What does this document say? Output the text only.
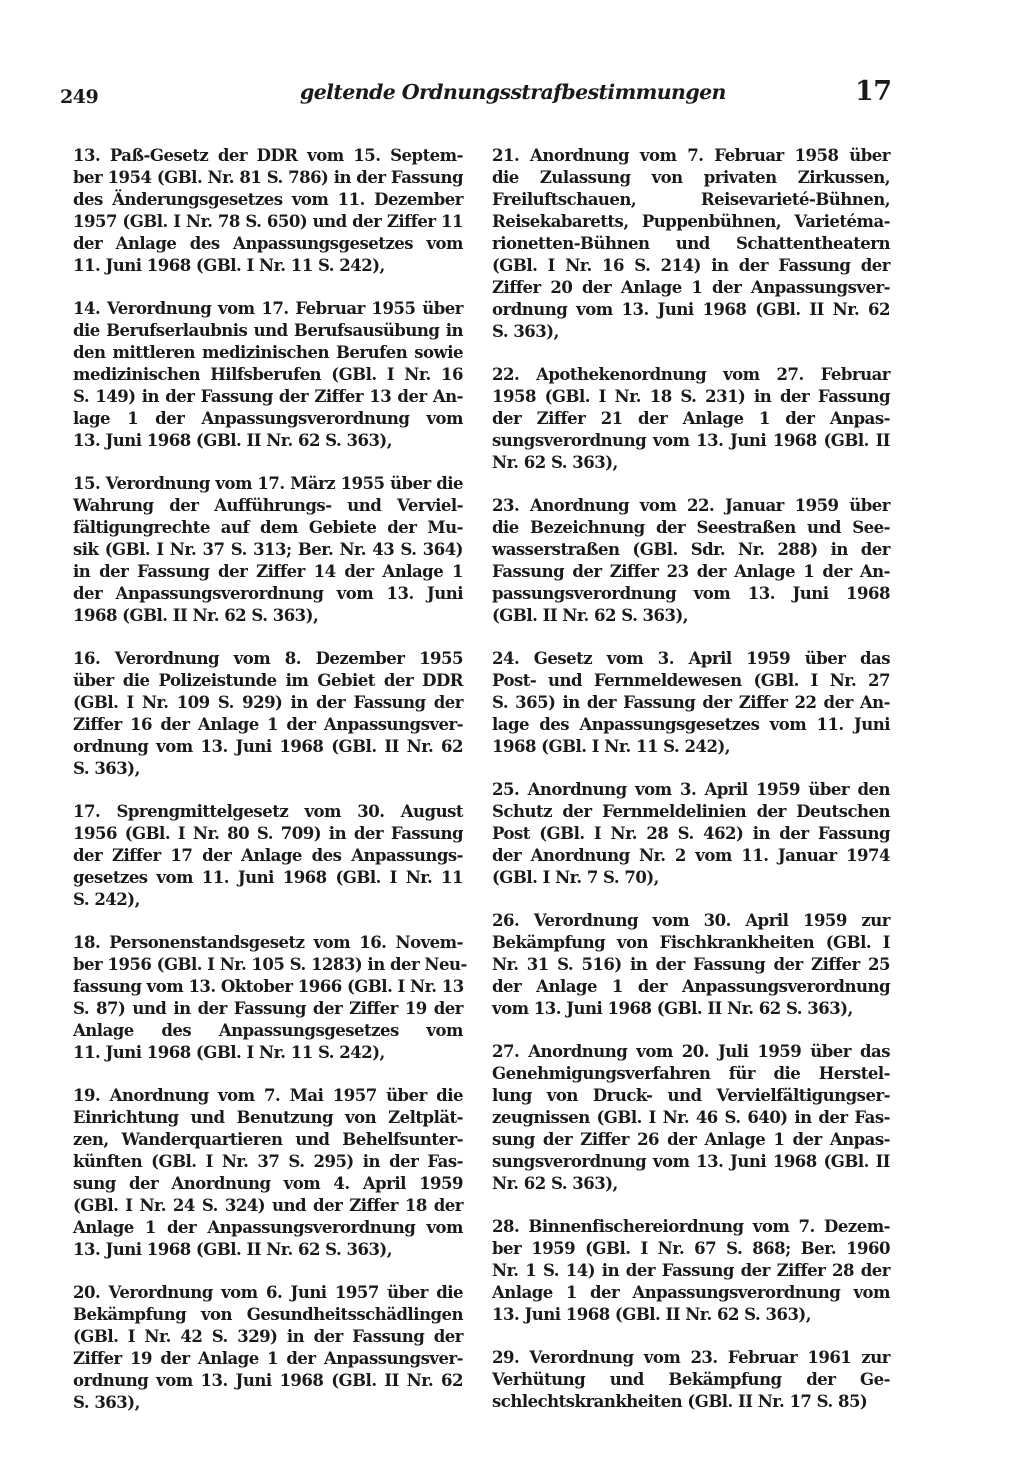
249	geltende Ordnungsstrafbestimmungen	17
13. Paß-Gesetz der DDR vom 15. Septem-
ber 1954 (GBl. Nr. 81 S. 786) in der Fassung
des Änderungsgesetzes vom 11. Dezember
1957 (GBl. I Nr. 78 S. 650) und der Ziffer 11
der Anlage des Anpassungsgesetzes vom
11. Juni 1968 (GBl. I Nr. 11 S. 242),
14. Verordnung vom 17. Februar 1955 über
die Berufserlaubnis und Berufsausübung in
den mittleren medizinischen Berufen sowie
medizinischen Hilfsberufen (GBl. I Nr. 16
S. 149) in der Fassung der Ziffer 13 der An-
lage 1 der Anpassungsverordnung vom
13. Juni 1968 (GBl. II Nr. 62 S. 363),
15. Verordnung vom 17. März 1955 über die
Wahrung der Aufführungs- und Verviel-
fältigungrechte auf dem Gebiete der Mu-
sik (GBl. I Nr. 37 S. 313; Ber. Nr. 43 S. 364)
in der Fassung der Ziffer 14 der Anlage 1
der Anpassungsverordnung vom 13. Juni
1968 (GBl. II Nr. 62 S. 363),
16. Verordnung vom 8. Dezember 1955
über die Polizeistunde im Gebiet der DDR
(GBl. I Nr. 109 S. 929) in der Fassung der
Ziffer 16 der Anlage 1 der Anpassungsver-
ordnung vom 13. Juni 1968 (GBl. II Nr. 62
S. 363),
17. Sprengmittelgesetz vom 30. August
1956 (GBl. I Nr. 80 S. 709) in der Fassung
der Ziffer 17 der Anlage des Anpassungs-
gesetzes vom 11. Juni 1968 (GBl. I Nr. 11
S. 242),
18. Personenstandsgesetz vom 16. Novem-
ber 1956 (GBl. I Nr. 105 S. 1283) in der Neu-
fassung vom 13. Oktober 1966 (GBl. I Nr. 13
S. 87) und in der Fassung der Ziffer 19 der
Anlage des Anpassungsgesetzes vom
11. Juni 1968 (GBl. I Nr. 11 S. 242),
19. Anordnung vom 7. Mai 1957 über die
Einrichtung und Benutzung von Zeltplät-
zen, Wanderquartieren und Behelfsunter-
künften (GBl. I Nr. 37 S. 295) in der Fas-
sung der Anordnung vom 4. April 1959
(GBl. I Nr. 24 S. 324) und der Ziffer 18 der
Anlage 1 der Anpassungsverordnung vom
13. Juni 1968 (GBl. II Nr. 62 S. 363),
20. Verordnung vom 6. Juni 1957 über die
Bekämpfung von Gesundheitsschädlingen
(GBl. I Nr. 42 S. 329) in der Fassung der
Ziffer 19 der Anlage 1 der Anpassungsver-
ordnung vom 13. Juni 1968 (GBl. II Nr. 62
S. 363),
21. Anordnung vom 7. Februar 1958 über
die Zulassung von privaten Zirkussen,
Freiluftschauen, Reisevarieté-Bühnen,
Reisekabaretts, Puppenbühnen, Varietéma-
rionetten-Bühnen und Schattentheatern
(GBl. I Nr. 16 S. 214) in der Fassung der
Ziffer 20 der Anlage 1 der Anpassungsver-
ordnung vom 13. Juni 1968 (GBl. II Nr. 62
S. 363),
22. Apothekenordnung vom 27. Februar
1958 (GBl. I Nr. 18 S. 231) in der Fassung
der Ziffer 21 der Anlage 1 der Anpas-
sungsverordnung vom 13. Juni 1968 (GBl. II
Nr. 62 S. 363),
23. Anordnung vom 22. Januar 1959 über
die Bezeichnung der Seestraßen und See-
wasserstraßen (GBl. Sdr. Nr. 288) in der
Fassung der Ziffer 23 der Anlage 1 der An-
passungsverordnung vom 13. Juni 1968
(GBl. II Nr. 62 S. 363),
24. Gesetz vom 3. April 1959 über das
Post- und Fernmeldewesen (GBl. I Nr. 27
S. 365) in der Fassung der Ziffer 22 der An-
lage des Anpassungsgesetzes vom 11. Juni
1968 (GBl. I Nr. 11 S. 242),
25. Anordnung vom 3. April 1959 über den
Schutz der Fernmeldelinien der Deutschen
Post (GBl. I Nr. 28 S. 462) in der Fassung
der Anordnung Nr. 2 vom 11. Januar 1974
(GBl. I Nr. 7 S. 70),
26. Verordnung vom 30. April 1959 zur
Bekämpfung von Fischkrankheiten (GBl. I
Nr. 31 S. 516) in der Fassung der Ziffer 25
der Anlage 1 der Anpassungsverordnung
vom 13. Juni 1968 (GBl. II Nr. 62 S. 363),
27. Anordnung vom 20. Juli 1959 über das
Genehmigungsverfahren für die Herstel-
lung von Druck- und Vervielfältigungser-
zeugnissen (GBl. I Nr. 46 S. 640) in der Fas-
sung der Ziffer 26 der Anlage 1 der Anpas-
sungsverordnung vom 13. Juni 1968 (GBl. II
Nr. 62 S. 363),
28. Binnenfischereiordnung vom 7. Dezem-
ber 1959 (GBl. I Nr. 67 S. 868; Ber. 1960
Nr. 1 S. 14) in der Fassung der Ziffer 28 der
Anlage 1 der Anpassungsverordnung vom
13. Juni 1968 (GBl. II Nr. 62 S. 363),
29. Verordnung vom 23. Februar 1961 zur
Verhütung und Bekämpfung der Ge-
schlechtskrankheiten (GBl. II Nr. 17 S. 85)
